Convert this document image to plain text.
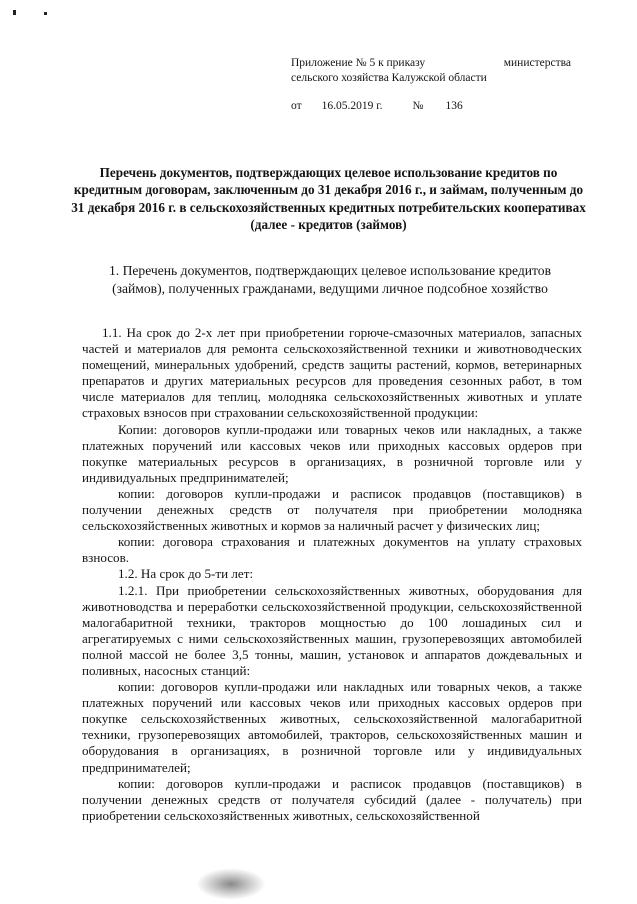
Приложение № 5 к приказу	министерства
сельского хозяйства Калужской области
от 16.05.2019 г.	№ 136
Перечень документов, подтверждающих целевое использование кредитов по кредитным договорам, заключенным до 31 декабря 2016 г., и займам, полученным до 31 декабря 2016 г. в сельскохозяйственных кредитных потребительских кооперативах (далее - кредитов (займов)
1. Перечень документов, подтверждающих целевое использование кредитов (займов), полученных гражданами, ведущими личное подсобное хозяйство

1.1. На срок до 2-х лет при приобретении горюче-смазочных материалов, запасных частей и материалов для ремонта сельскохозяйственной техники и животноводческих помещений, минеральных удобрений, средств защиты растений, кормов, ветеринарных препаратов и других материальных ресурсов для проведения сезонных работ, в том числе материалов для теплиц, молодняка сельскохозяйственных животных и уплате страховых взносов при страховании сельскохозяйственной продукции:

Копии: договоров купли-продажи или товарных чеков или накладных, а также платежных поручений или кассовых чеков или приходных кассовых ордеров при покупке материальных ресурсов в организациях, в розничной торговле или у индивидуальных предпринимателей;

копии: договоров купли-продажи и расписок продавцов (поставщиков) в получении денежных средств от получателя при приобретении молодняка сельскохозяйственных животных и кормов за наличный расчет у физических лиц;

копии: договора страхования и платежных документов на уплату страховых взносов.

1.2. На срок до 5-ти лет:

1.2.1. При приобретении сельскохозяйственных животных, оборудования для животноводства и переработки сельскохозяйственной продукции, сельскохозяйственной малогабаритной техники, тракторов мощностью до 100 лошадиных сил и агрегатируемых с ними сельскохозяйственных машин, грузоперевозящих автомобилей полной массой не более 3,5 тонны, машин, установок и аппаратов дождевальных и поливных, насосных станций:

копии: договоров купли-продажи или накладных или товарных чеков, а также платежных поручений или кассовых чеков или приходных кассовых ордеров при покупке сельскохозяйственных животных, сельскохозяйственной малогабаритной техники, грузоперевозящих автомобилей, тракторов, сельскохозяйственных машин и оборудования в организациях, в розничной торговле или у индивидуальных предпринимателей;

копии: договоров купли-продажи и расписок продавцов (поставщиков) в получении денежных средств от получателя субсидий (далее - получатель) при приобретении сельскохозяйственных животных, сельскохозяйственной
